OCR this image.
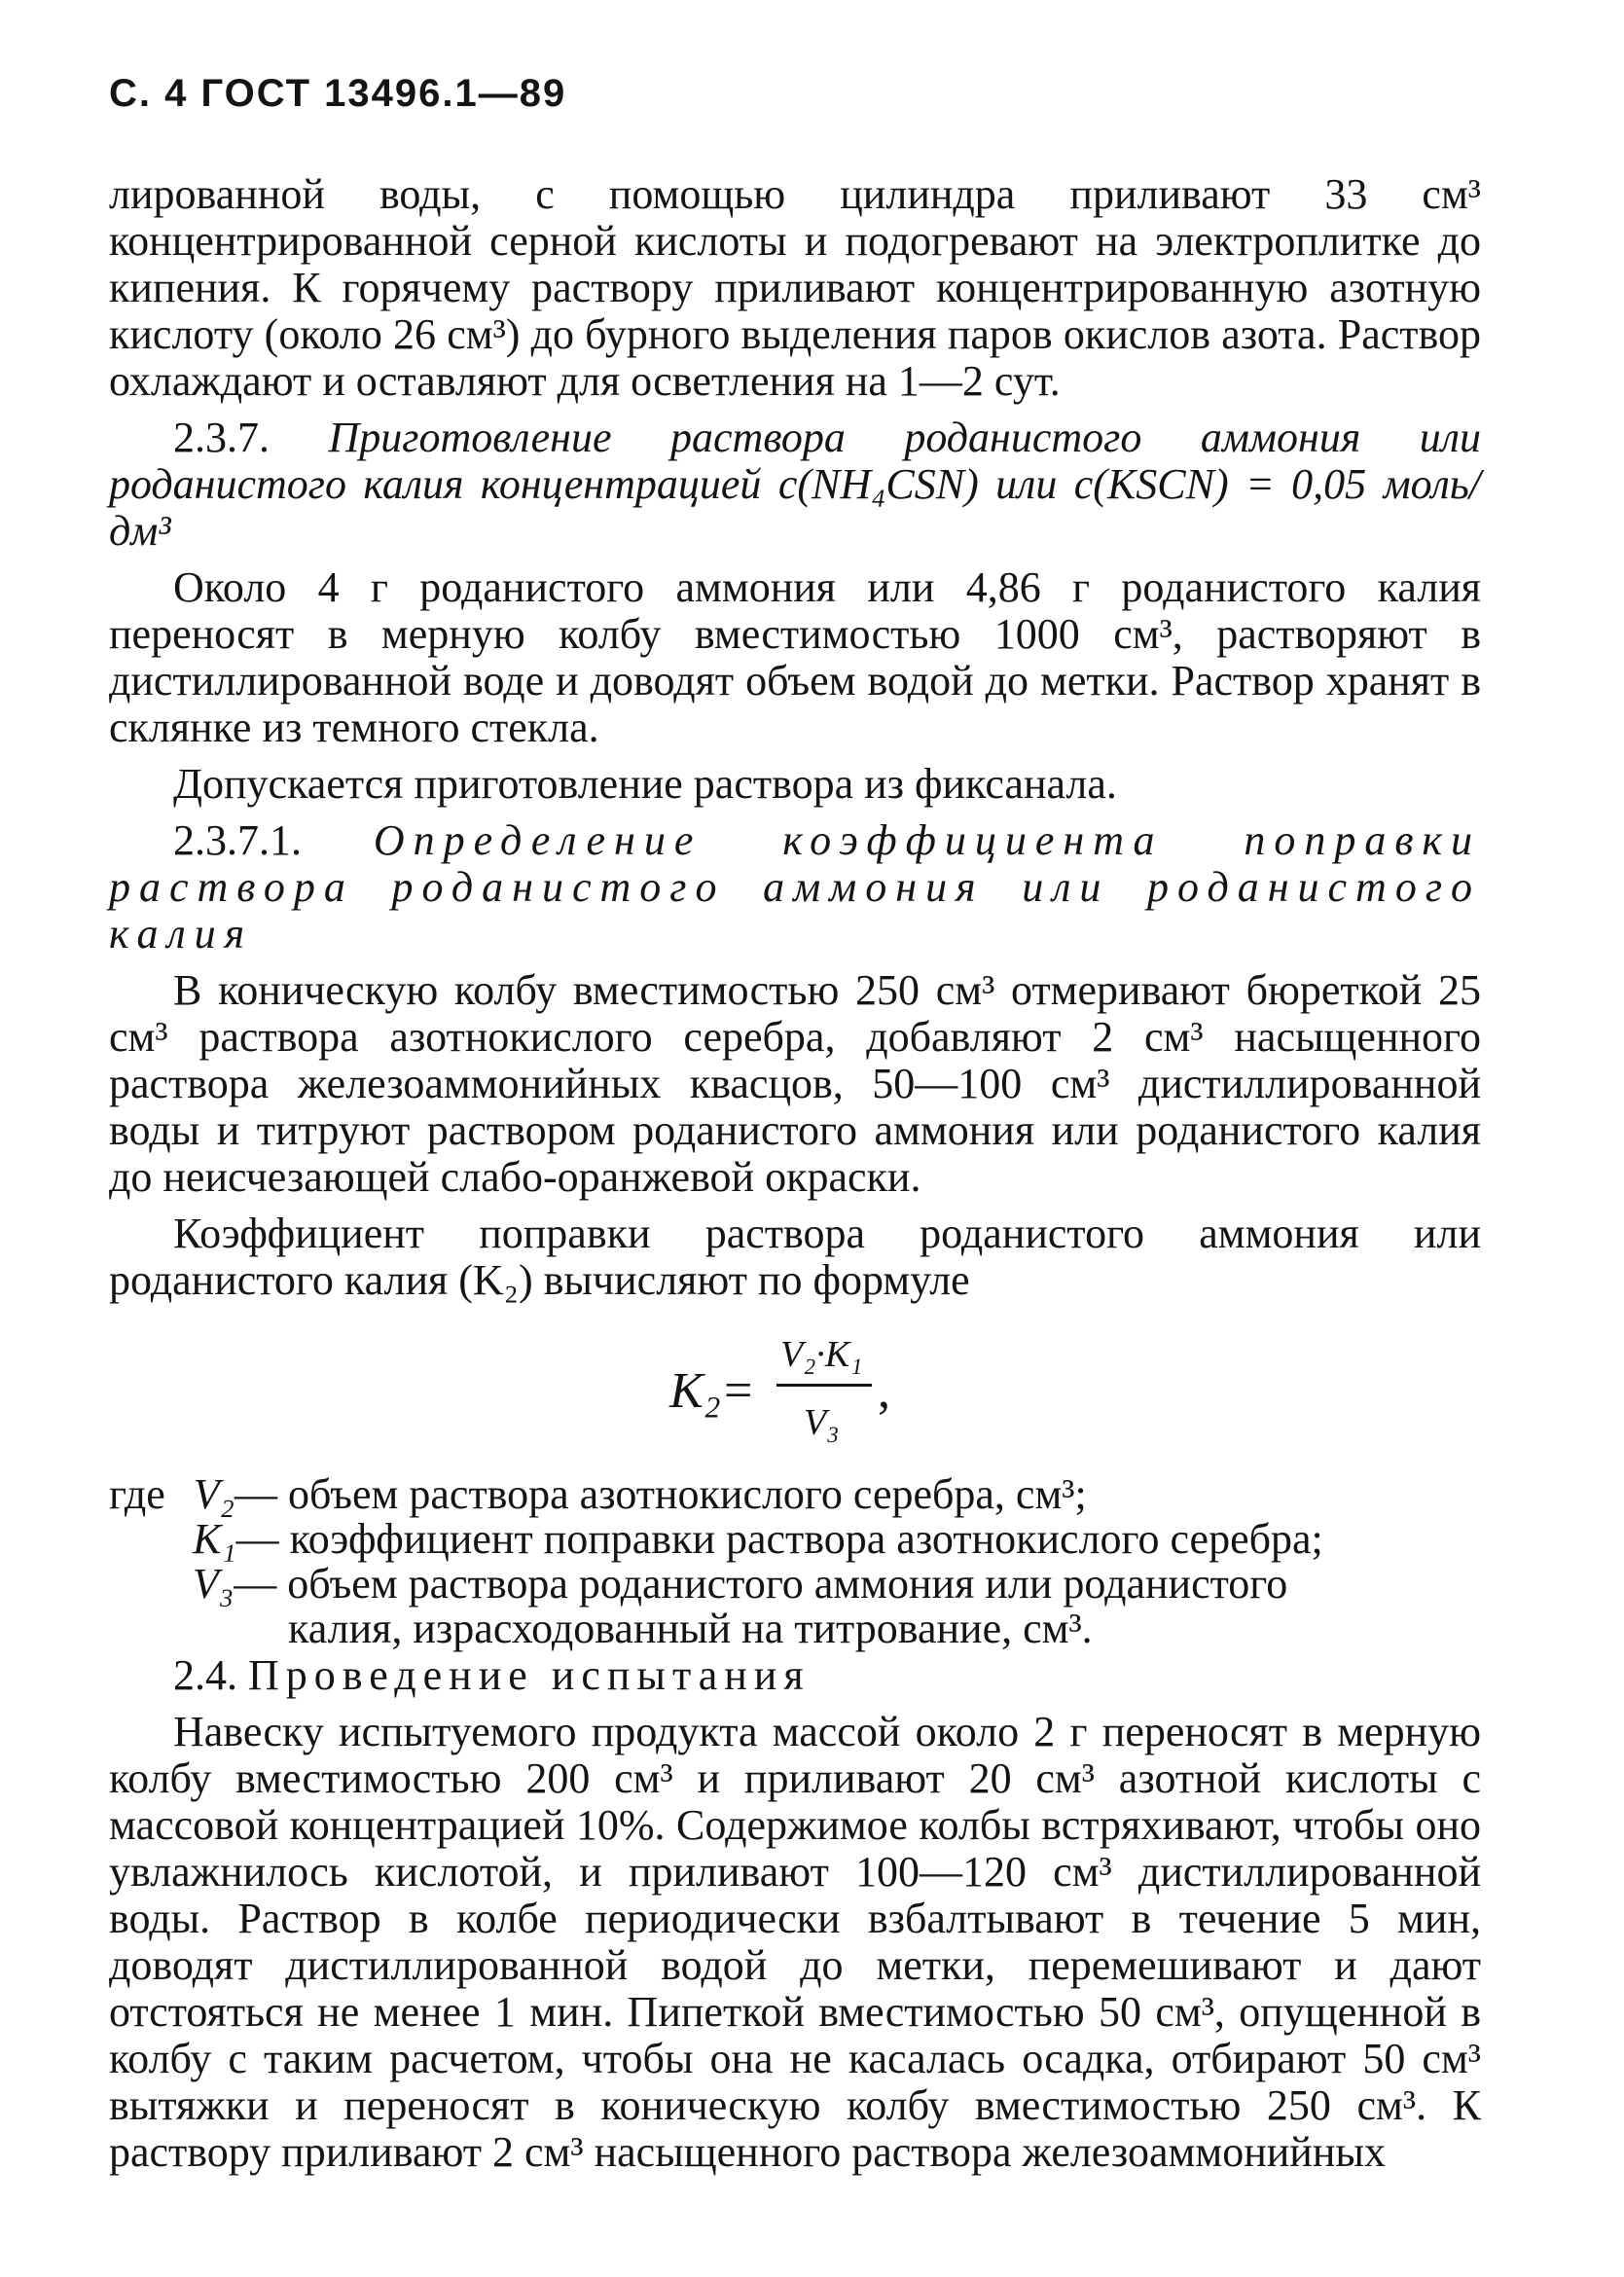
С. 4 ГОСТ 13496.1—89

лированной воды, с помощью цилиндра приливают 33 см³ концентрированной серной кислоты и подогревают на электроплитке до кипения. К горячему раствору приливают концентрированную азотную кислоту (около 26 см³) до бурного выделения паров окислов азота. Раствор охлаждают и оставляют для осветления на 1—2 сут.

2.3.7. Приготовление раствора роданистого аммония или роданистого калия концентрацией c(NH₄CSN) или c(KSCN) = 0,05 моль/дм³

Около 4 г роданистого аммония или 4,86 г роданистого калия переносят в мерную колбу вместимостью 1000 см³, растворяют в дистиллированной воде и доводят объем водой до метки. Раствор хранят в склянке из темного стекла.

Допускается приготовление раствора из фиксанала.

2.3.7.1. Определение коэффициента поправки раствора роданистого аммония или роданистого калия

В коническую колбу вместимостью 250 см³ отмеривают бюреткой 25 см³ раствора азотнокислого серебра, добавляют 2 см³ насыщенного раствора железоаммонийных квасцов, 50—100 см³ дистиллированной воды и титруют раствором роданистого аммония или роданистого калия до неисчезающей слабо-оранжевой окраски.

Коэффициент поправки раствора роданистого аммония или роданистого калия (K₂) вычисляют по формуле

K₂=
V₂·K₁
V₃
,
где V₂— объем раствора азотнокислого серебра, см³;
K₁— коэффициент поправки раствора азотнокислого серебра;
V₃— объем раствора роданистого аммония или роданистого
калия, израсходованный на титрование, см³.

2.4. Проведение испытания

Навеску испытуемого продукта массой около 2 г переносят в мерную колбу вместимостью 200 см³ и приливают 20 см³ азотной кислоты с массовой концентрацией 10%. Содержимое колбы встряхивают, чтобы оно увлажнилось кислотой, и приливают 100—120 см³ дистиллированной воды. Раствор в колбе периодически взбалтывают в течение 5 мин, доводят дистиллированной водой до метки, перемешивают и дают отстояться не менее 1 мин. Пипеткой вместимостью 50 см³, опущенной в колбу с таким расчетом, чтобы она не касалась осадка, отбирают 50 см³ вытяжки и переносят в коническую колбу вместимостью 250 см³. К раствору приливают 2 см³ насыщенного раствора железоаммонийных
